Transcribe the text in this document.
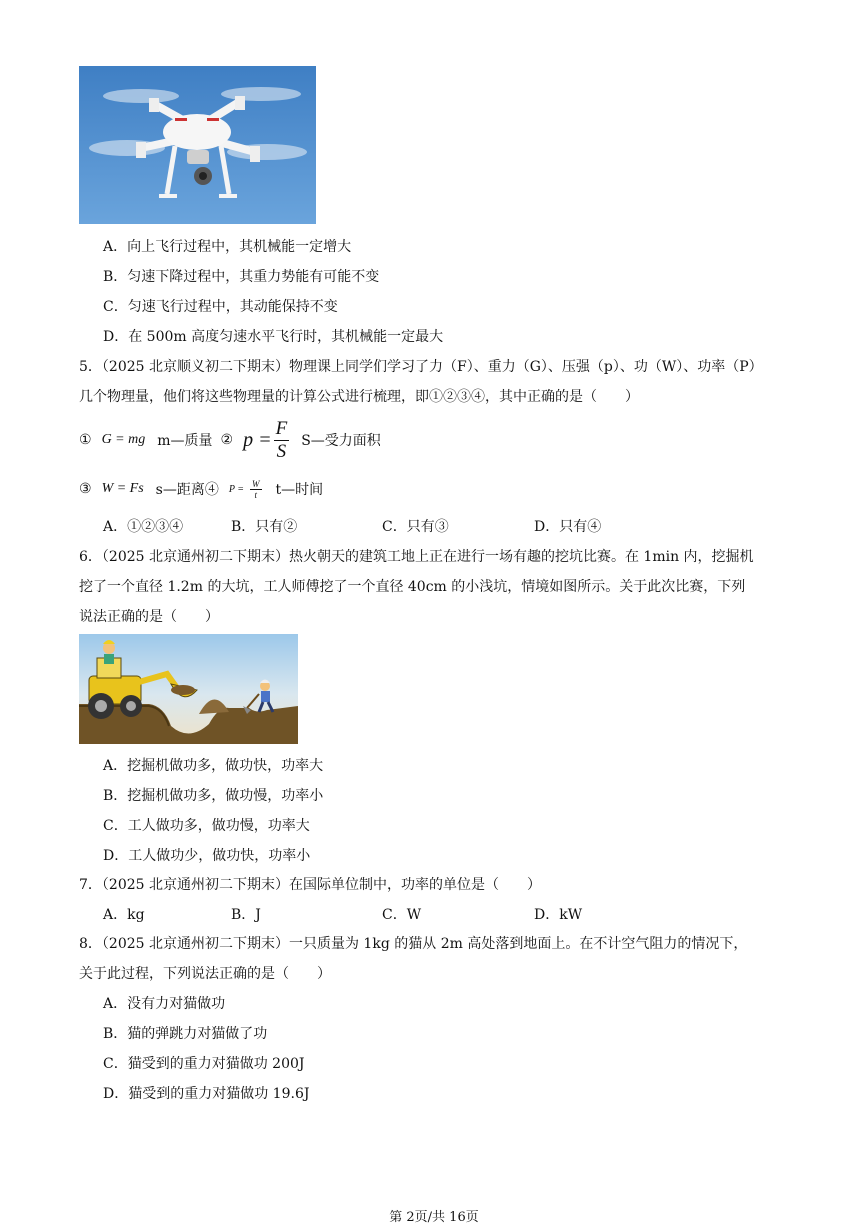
A．向上飞行过程中，其机械能一定增大
B．匀速下降过程中，其重力势能有可能不变
C．匀速飞行过程中，其动能保持不变
D．在 500m 高度匀速水平飞行时，其机械能一定最大
5．（2025 北京顺义初二下期末）物理课上同学们学习了力（F）、重力（G）、压强（p）、功（W）、功率（P）
几个物理量，他们将这些物理量的计算公式进行梳理，即①②③④，其中正确的是（　　）
① G = mg m—质量 ② $p = \frac{F}{S}$ S—受力面积
③ W = Fs s—距离④ $P = \frac{W}{t}$ t—时间
A．①②③④	B．只有②	C．只有③	D．只有④
6．（2025 北京通州初二下期末）热火朝天的建筑工地上正在进行一场有趣的挖坑比赛。在 1min 内，挖掘机
挖了一个直径 1.2m 的大坑，工人师傅挖了一个直径 40cm 的小浅坑，情境如图所示。关于此次比赛，下列
说法正确的是（　　）
A．挖掘机做功多，做功快，功率大
B．挖掘机做功多，做功慢，功率小
C．工人做功多，做功慢，功率大
D．工人做功少，做功快，功率小
7．（2025 北京通州初二下期末）在国际单位制中，功率的单位是（　　）
A．kg	B．J	C．W	D．kW
8．（2025 北京通州初二下期末）一只质量为 1kg 的猫从 2m 高处落到地面上。在不计空气阻力的情况下，
关于此过程，下列说法正确的是（　　）
A．没有力对猫做功
B．猫的弹跳力对猫做了功
C．猫受到的重力对猫做功 200J
D．猫受到的重力对猫做功 19.6J
第 2页/共 16页
